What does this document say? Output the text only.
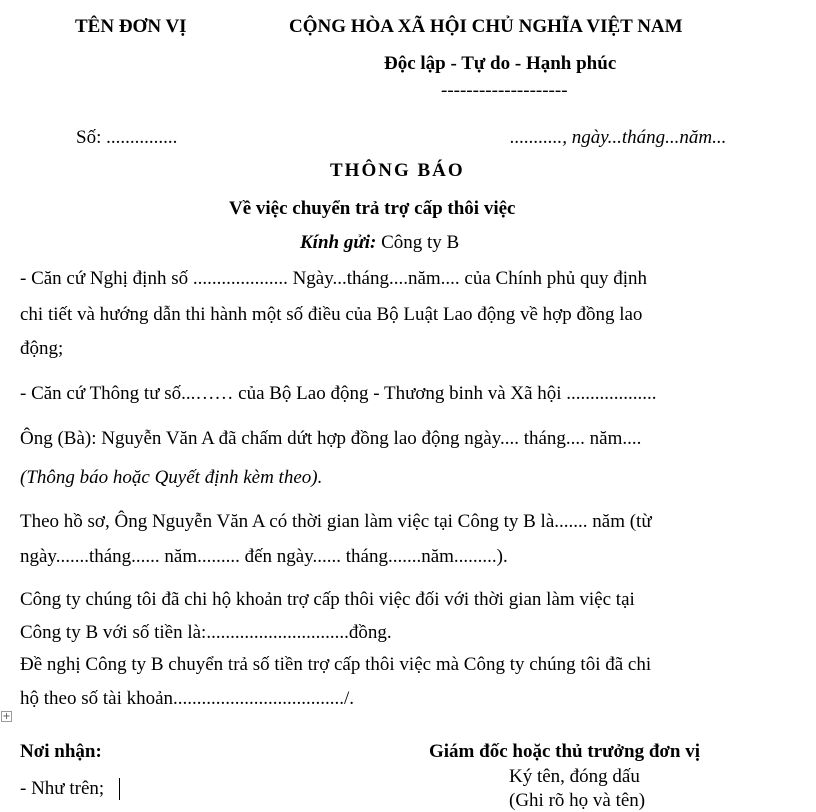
TÊN ĐƠN VỊ	CỘNG HÒA XÃ HỘI CHỦ NGHĨA VIỆT NAM
Độc lập - Tự do - Hạnh phúc
--------------------
Số: ...............	..........., ngày...tháng...năm...
THÔNG BÁO
Về việc chuyển trả trợ cấp thôi việc
Kính gửi: Công ty B
- Căn cứ Nghị định số .................... Ngày...tháng....năm.... của Chính phủ quy định
chi tiết và hướng dẫn thi hành một số điều của Bộ Luật Lao động về hợp đồng lao
động;
- Căn cứ Thông tư số...…… của Bộ Lao động - Thương binh và Xã hội ...................
Ông (Bà): Nguyễn Văn A đã chấm dứt hợp đồng lao động ngày.... tháng.... năm....
(Thông báo hoặc Quyết định kèm theo).
Theo hồ sơ, Ông Nguyễn Văn A có thời gian làm việc tại Công ty B là....... năm (từ
ngày.......tháng...... năm......... đến ngày...... tháng.......năm.........).
Công ty chúng tôi đã chi hộ khoản trợ cấp thôi việc đối với thời gian làm việc tại
Công ty B với số tiền là:..............................đồng.
Đề nghị Công ty B chuyển trả số tiền trợ cấp thôi việc mà Công ty chúng tôi đã chi
hộ theo số tài khoản..................................../.
+
Nơi nhận:	Giám đốc hoặc thủ trưởng đơn vị
Ký tên, đóng dấu
- Như trên;
(Ghi rõ họ và tên)
